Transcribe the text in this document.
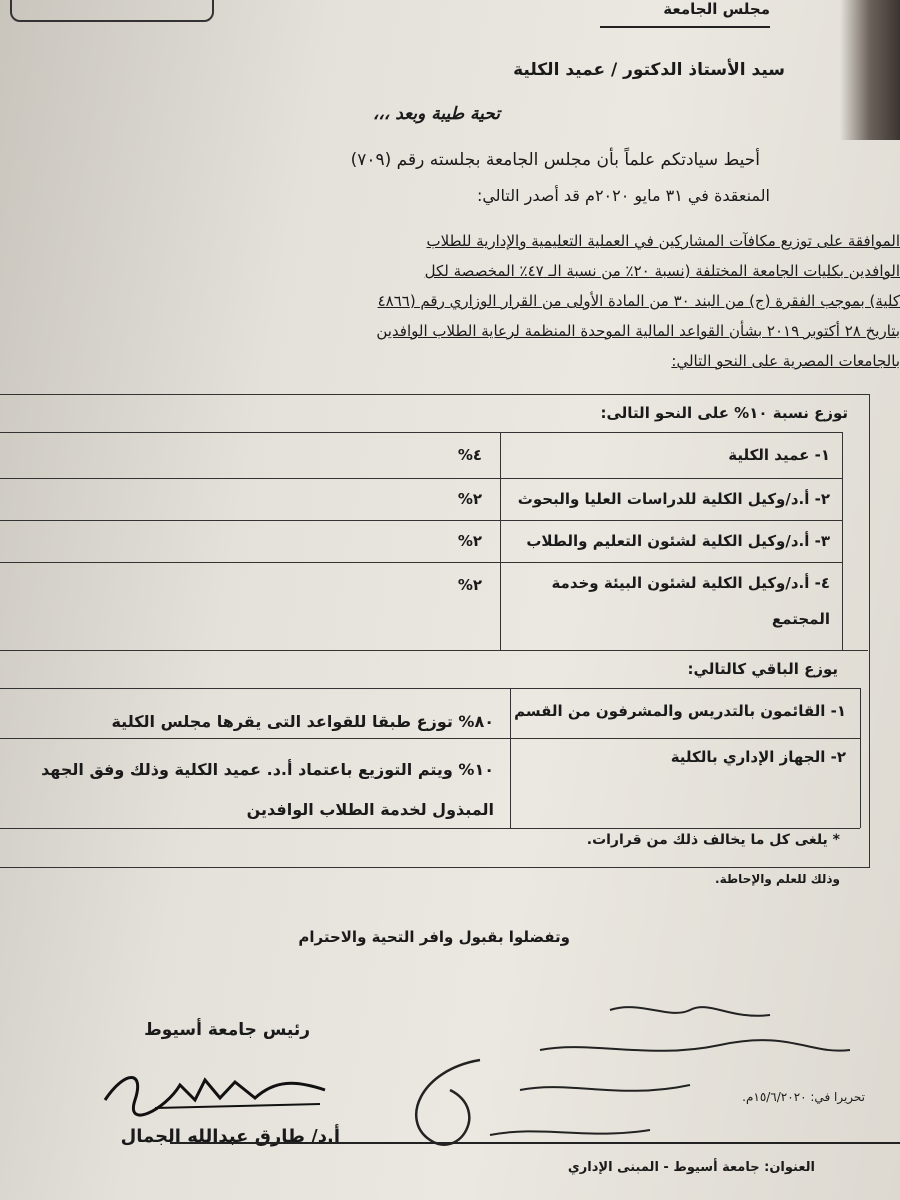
مجلس الجامعة
سيد الأستاذ الدكتور / عميد الكلية
تحية طيبة وبعد ،،،
أحيط سيادتكم علماً بأن مجلس الجامعة بجلسته رقم (٧٠٩)
المنعقدة في ٣١ مايو ٢٠٢٠م قد أصدر التالي:
الموافقة على توزيع مكافآت المشاركين في العملية التعليمية والإدارية للطلاب
الوافدين بكليات الجامعة المختلفة (نسبة ٢٠٪ من نسبة الـ ٤٧٪ المخصصة لكل
كلية) بموجب الفقرة (ج) من البند ٣٠ من المادة الأولى من القرار الوزاري رقم (٤٨٦٦
بتاريخ ٢٨ أكتوبر ٢٠١٩ بشأن القواعد المالية الموحدة المنظمة لرعاية الطلاب الوافدين
بالجامعات المصرية على النحو التالي:
توزع نسبة ١٠% على النحو التالى:
١- عميد الكلية
٤%
٢- أ.د/وكيل الكلية للدراسات العليا والبحوث
٢%
٣- أ.د/وكيل الكلية لشئون التعليم والطلاب
٢%
٤- أ.د/وكيل الكلية لشئون البيئة وخدمة
المجتمع
٢%
يوزع الباقي كالتالي:
١- القائمون بالتدريس والمشرفون من القسم
٨٠% توزع طبقا للقواعد التى يقرها مجلس الكلية
٢- الجهاز الإداري بالكلية
١٠% ويتم التوزيع باعتماد أ.د. عميد الكلية وذلك وفق الجهد
المبذول لخدمة الطلاب الوافدين
* يلغى كل ما يخالف ذلك من قرارات.
وذلك للعلم والإحاطة.
وتفضلوا بقبول وافر التحية والاحترام
رئيس جامعة أسيوط
أ.د/ طارق عبدالله الجمال
تحريرا في: ١٥/٦/٢٠٢٠م.
العنوان: جامعة أسيوط - المبنى الإداري
